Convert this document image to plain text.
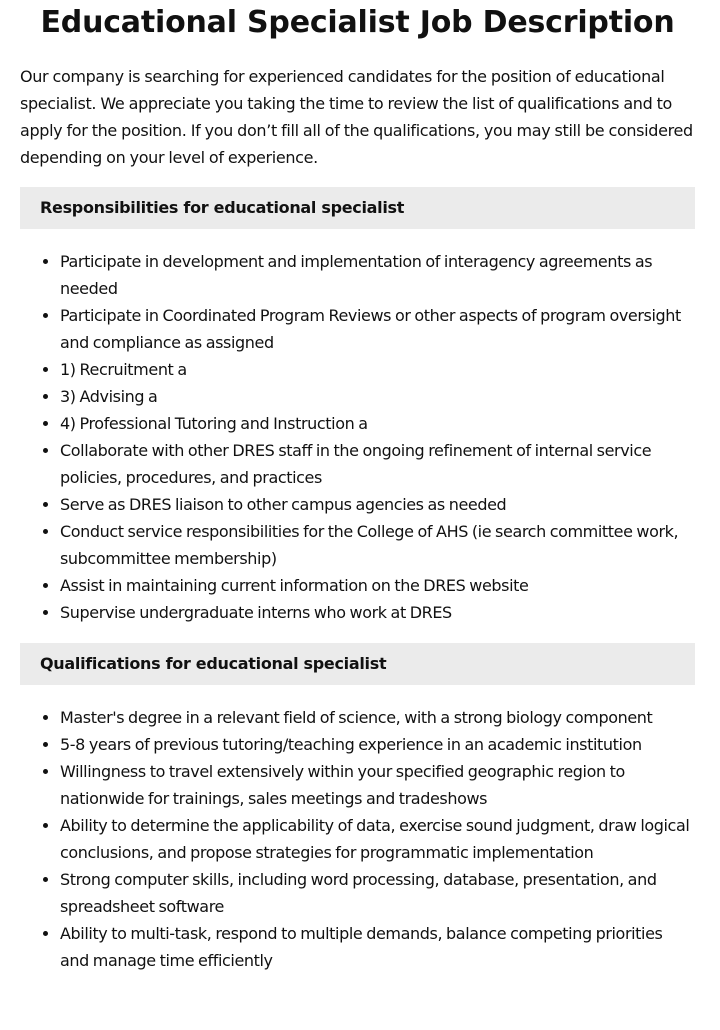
Educational Specialist Job Description

Our company is searching for experienced candidates for the position of educational specialist. We appreciate you taking the time to review the list of qualifications and to apply for the position. If you don’t fill all of the qualifications, you may still be considered depending on your level of experience.

Responsibilities for educational specialist
• Participate in development and implementation of interagency agreements as needed
• Participate in Coordinated Program Reviews or other aspects of program oversight and compliance as assigned
• 1) Recruitment a
• 3) Advising a
• 4) Professional Tutoring and Instruction a
• Collaborate with other DRES staff in the ongoing refinement of internal service policies, procedures, and practices
• Serve as DRES liaison to other campus agencies as needed
• Conduct service responsibilities for the College of AHS (ie search committee work, subcommittee membership)
• Assist in maintaining current information on the DRES website
• Supervise undergraduate interns who work at DRES
Qualifications for educational specialist
• Master's degree in a relevant field of science, with a strong biology component
• 5-8 years of previous tutoring/teaching experience in an academic institution
• Willingness to travel extensively within your specified geographic region to nationwide for trainings, sales meetings and tradeshows
• Ability to determine the applicability of data, exercise sound judgment, draw logical conclusions, and propose strategies for programmatic implementation
• Strong computer skills, including word processing, database, presentation, and spreadsheet software
• Ability to multi-task, respond to multiple demands, balance competing priorities and manage time efficiently
